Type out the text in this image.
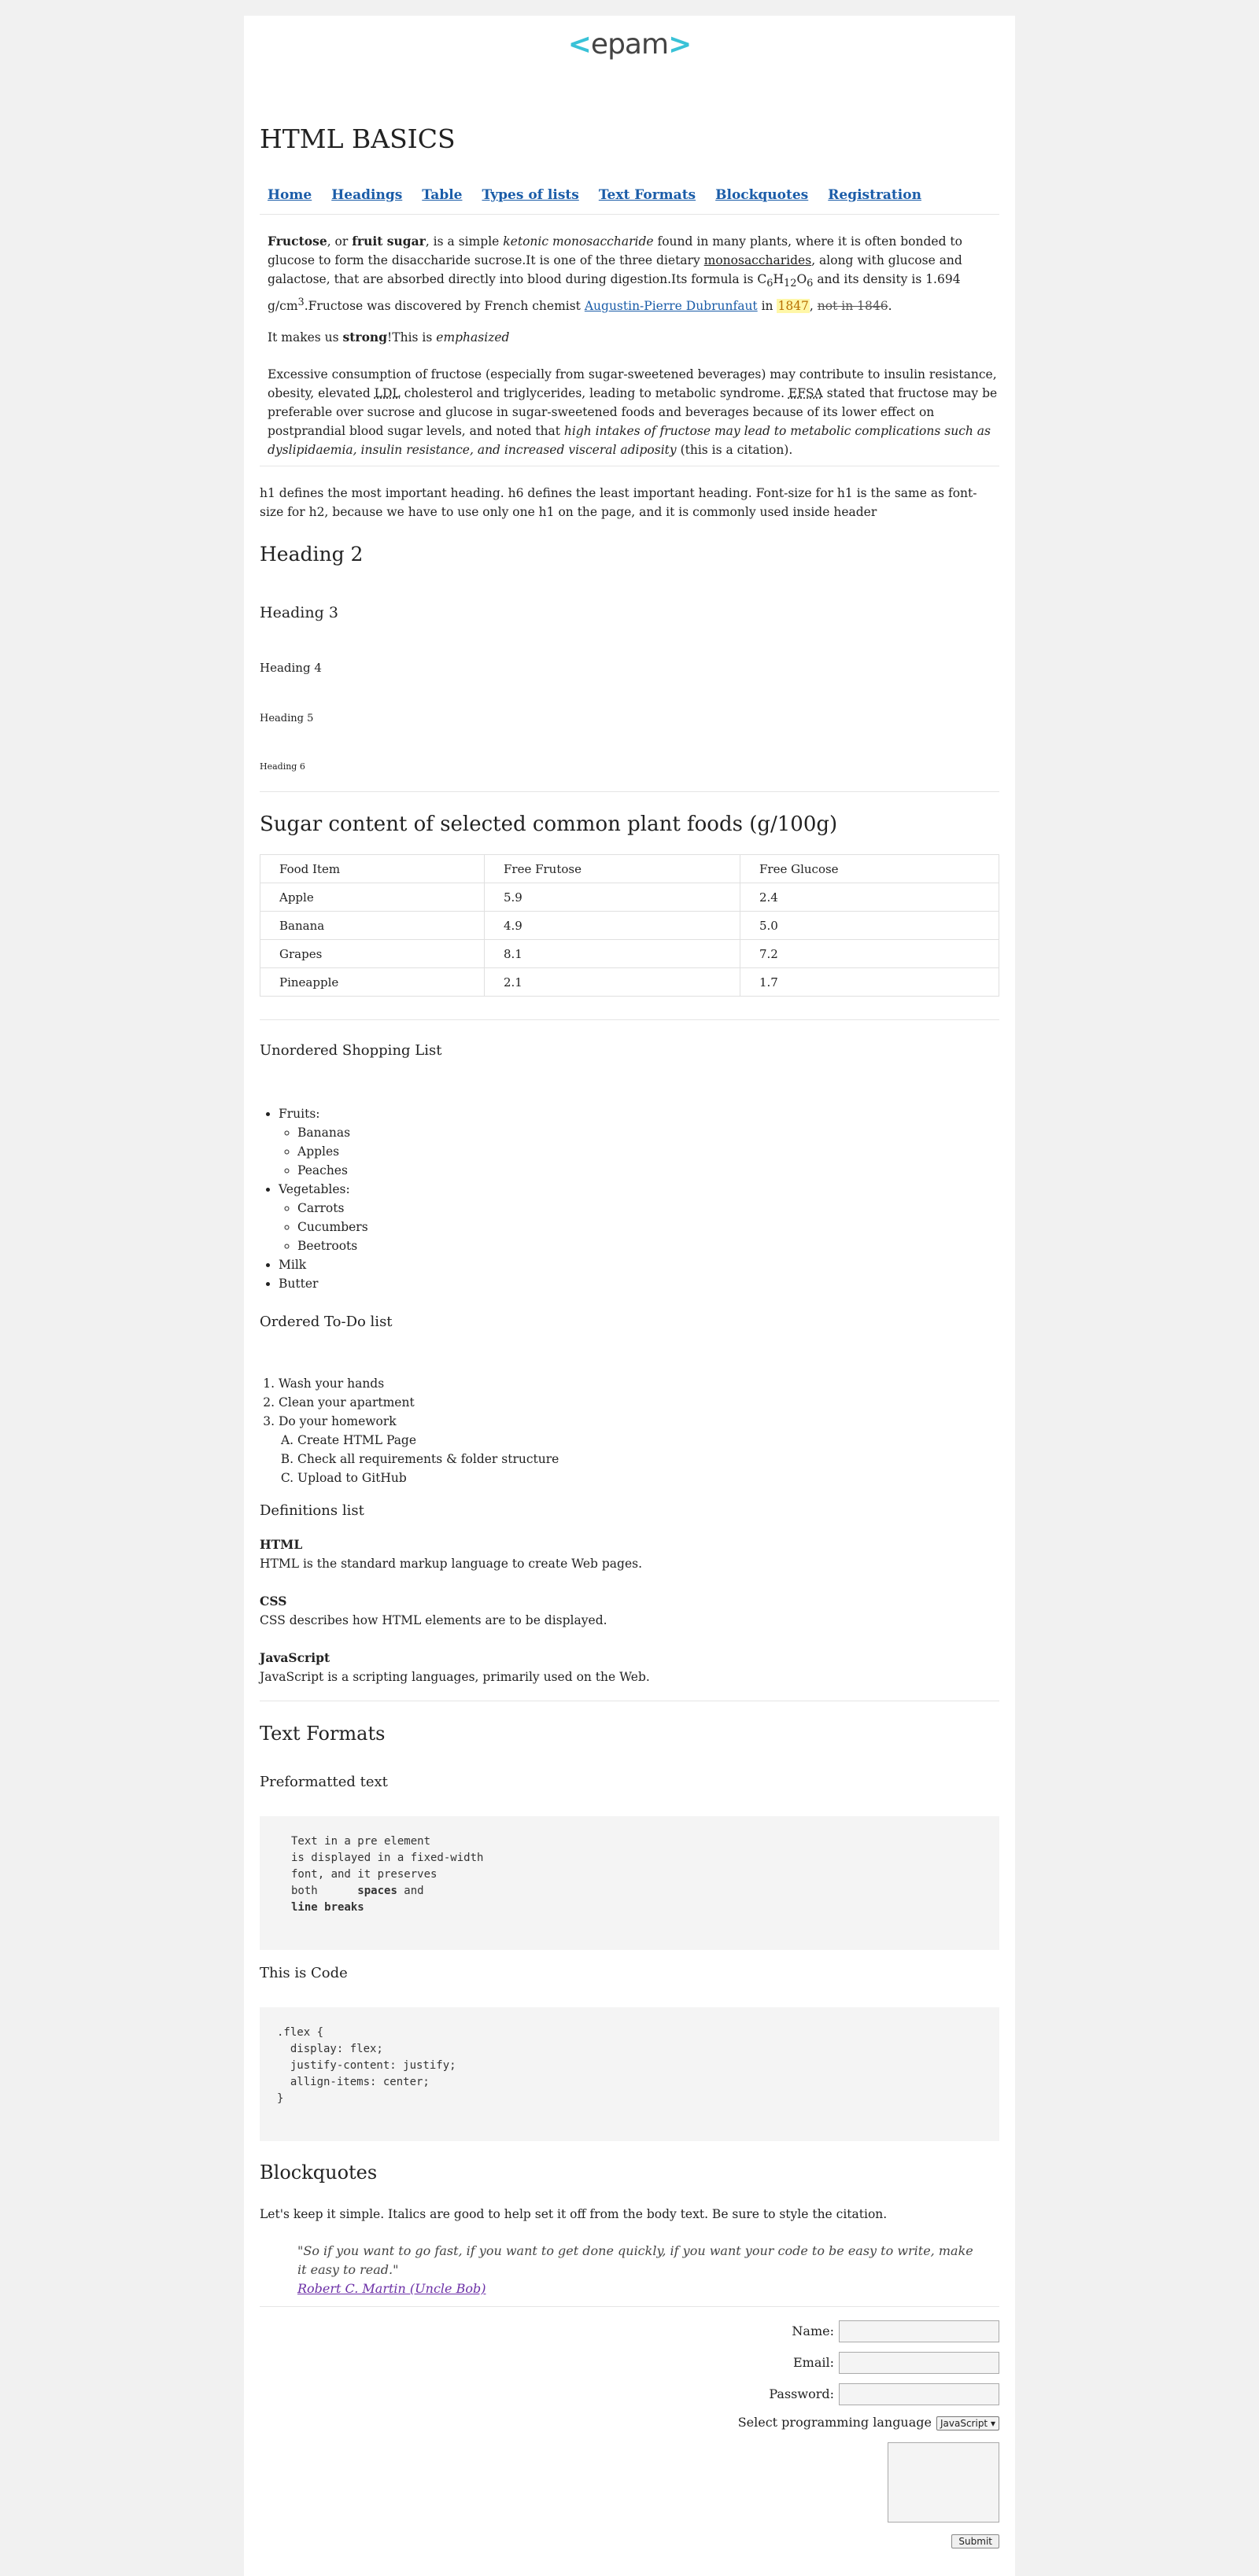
<epam>
HTML BASICS
Home Headings Table Types of lists Text Formats Blockquotes Registration

Fructose, or fruit sugar, is a simple ketonic monosaccharide found in many plants, where it is often bonded to glucose to form the disaccharide sucrose.It is one of the three dietary monosaccharides, along with glucose and galactose, that are absorbed directly into blood during digestion.Its formula is $C_6H_{12}O_6$ and its density is 1.694 $g/cm^3.Fructose$ was discovered by French chemist Augustin-Pierre Dubrunfaut in 1847, not in 1846.

It makes us strong!This is emphasized

Excessive consumption of fructose (especially from sugar-sweetened beverages) may contribute to insulin resistance, obesity, elevated LDL cholesterol and triglycerides, leading to metabolic syndrome. EFSA stated that fructose may be preferable over sucrose and glucose in sugar-sweetened foods and beverages because of its lower effect on postprandial blood sugar levels, and noted that high intakes of fructose may lead to metabolic complications such as dyslipidaemia, insulin resistance, and increased visceral adiposity (this is a citation).

h1 defines the most important heading. h6 defines the least important heading. Font-size for h1 is the same as font-size for h2, because we have to use only one h1 on the page, and it is commonly used inside header

Heading 2
Heading 3
Heading 4
Heading 5
Heading 6
Sugar content of selected common plant foods (g/100g)
Food Item	Free Frutose	Free Glucose
Apple	5.9	2.4
Banana	4.9	5.0
Grapes	8.1	7.2
Pineapple	2.1	1.7
Unordered Shopping List
• Fruits:
◦ Bananas
◦ Apples
◦ Peaches
• Vegetables:
◦ Carrots
◦ Cucumbers
◦ Beetroots
• Milk
• Butter
Ordered To-Do list
1. Wash your hands
2. Clean your apartment
3. Do your homework
A. Create HTML Page
B. Check all requirements & folder structure
C. Upload to GitHub
Definitions list
HTML
HTML is the standard markup language to create Web pages.
CSS
CSS describes how HTML elements are to be displayed.
JavaScript
JavaScript is a scripting languages, primarily used on the Web.
Text Formats
Preformatted text
Text in a pre element
is displayed in a fixed-width
font, and it preserves
both      spaces and
line breaks
This is Code
.flex {
display: flex;
justify-content: justify;
allign-items: center;
}
Blockquotes

Let's keep it simple. Italics are good to help set it off from the body text. Be sure to style the citation.

"So if you want to go fast, if you want to get done quickly, if you want your code to be easy to write, make it easy to read."
Robert C. Martin (Uncle Bob)
Name:
Email:
Password:
Select programming language JavaScript ▾
Submit
